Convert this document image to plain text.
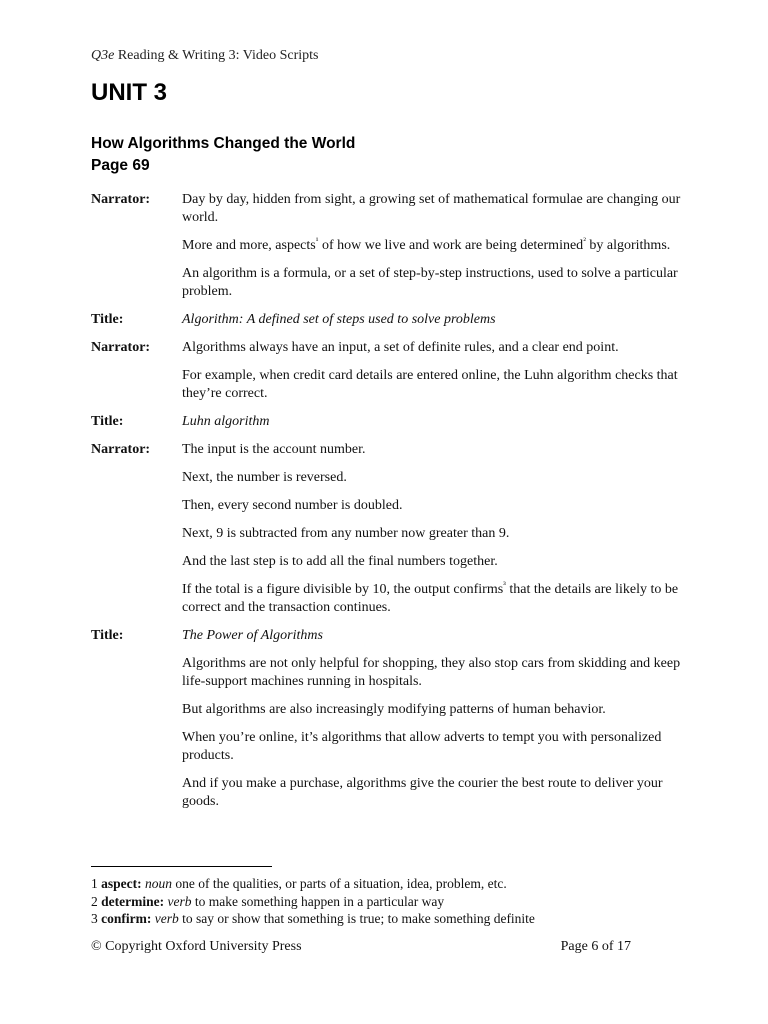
Q3e Reading & Writing 3: Video Scripts
UNIT 3
How Algorithms Changed the World
Page 69
Narrator:	Day by day, hidden from sight, a growing set of mathematical formulae are changing our world.
More and more, aspects$^{^1}$ of how we live and work are being determined$^{^2}$ by algorithms.
An algorithm is a formula, or a set of step-by-step instructions, used to solve a particular problem.
Title:	Algorithm: A defined set of steps used to solve problems
Narrator:	Algorithms always have an input, a set of definite rules, and a clear end point.
For example, when credit card details are entered online, the Luhn algorithm checks that they’re correct.
Title:	Luhn algorithm
Narrator:	The input is the account number.
Next, the number is reversed.
Then, every second number is doubled.
Next, 9 is subtracted from any number now greater than 9.
And the last step is to add all the final numbers together.
If the total is a figure divisible by 10, the output confirms$^{^3}$ that the details are likely to be correct and the transaction continues.
Title:	The Power of Algorithms
Algorithms are not only helpful for shopping, they also stop cars from skidding and keep life-support machines running in hospitals.
But algorithms are also increasingly modifying patterns of human behavior.
When you’re online, it’s algorithms that allow adverts to tempt you with personalized products.
And if you make a purchase, algorithms give the courier the best route to deliver your goods.
1 aspect: noun one of the qualities, or parts of a situation, idea, problem, etc.
2 determine: verb to make something happen in a particular way
3 confirm: verb to say or show that something is true; to make something definite
© Copyright Oxford University Press	Page 6 of 17
